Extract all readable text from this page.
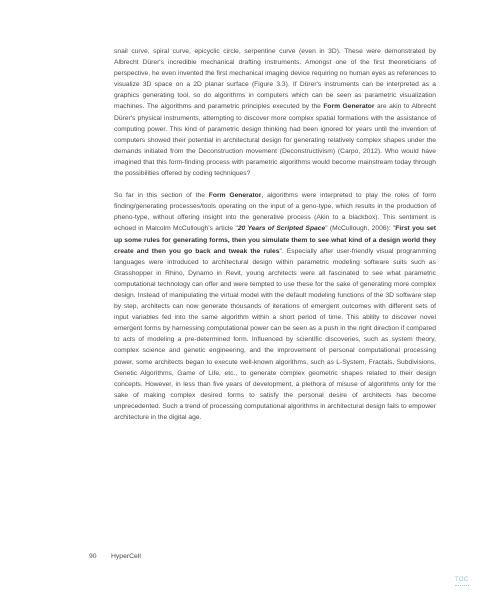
snail curve, spiral curve, epicyclic circle, serpentine curve (even in 3D). These were demonstrated by Albrecht Dürer's incredible mechanical drafting instruments. Amongst one of the first theoreticians of perspective, he even invented the first mechanical imaging device requiring no human eyes as references to visualize 3D space on a 2D planar surface (Figure 3.3). If Dürer's instruments can be interpreted as a graphics generating tool, so do algorithms in computers which can be seen as parametric visualization machines. The algorithms and parametric principles executed by the Form Generator are akin to Albrecht Dürer's physical instruments, attempting to discover more complex spatial formations with the assistance of computing power. This kind of parametric design thinking had been ignored for years until the invention of computers showed their potential in architectural design for generating relatively complex shapes under the demands initiated from the Deconstruction movement (Deconstructivism) (Carpo, 2012). Who would have imagined that this form-finding process with parametric algorithms would become mainstream today through the possibilities offered by coding techniques?

So far in this section of the Form Generator, algorithms were interpreted to play the roles of form finding/generating processes/tools operating on the input of a geno-type, which results in the production of pheno-type, without offering insight into the generative process (Akin to a blackbox). This sentiment is echoed in Malcolm McCullough's article "20 Years of Scripted Space" (McCullough, 2006): "First you set up some rules for generating forms, then you simulate them to see what kind of a design world they create and then you go back and tweak the rules". Especially after user-friendly visual programming languages were introduced to architectural design within parametric modeling software suits such as Grasshopper in Rhino, Dynamo in Revit, young architects were all fascinated to see what parametric computational technology can offer and were tempted to use these for the sake of generating more complex design. Instead of manipulating the virtual model with the default modeling functions of the 3D software step by step, architects can now generate thousands of iterations of emergent outcomes with different sets of input variables fed into the same algorithm within a short period of time. This ability to discover novel emergent forms by harnessing computational power can be seen as a push in the right direction if compared to acts of modeling a pre-determined form. Influenced by scientific discoveries, such as system theory, complex science and genetic engineering, and the improvement of personal computational processing power, some architects began to execute well-known algorithms, such as L-System, Fractals, Subdivisions, Genetic Algorithms, Game of Life, etc., to generate complex geometric shapes related to their design concepts. However, in less than five years of development, a plethora of misuse of algorithms only for the sake of making complex desired forms to satisfy the personal desire of architects has become unprecedented. Such a trend of processing computational algorithms in architectural design fails to empower architecture in the digital age.

90 HyperCell
TOC
